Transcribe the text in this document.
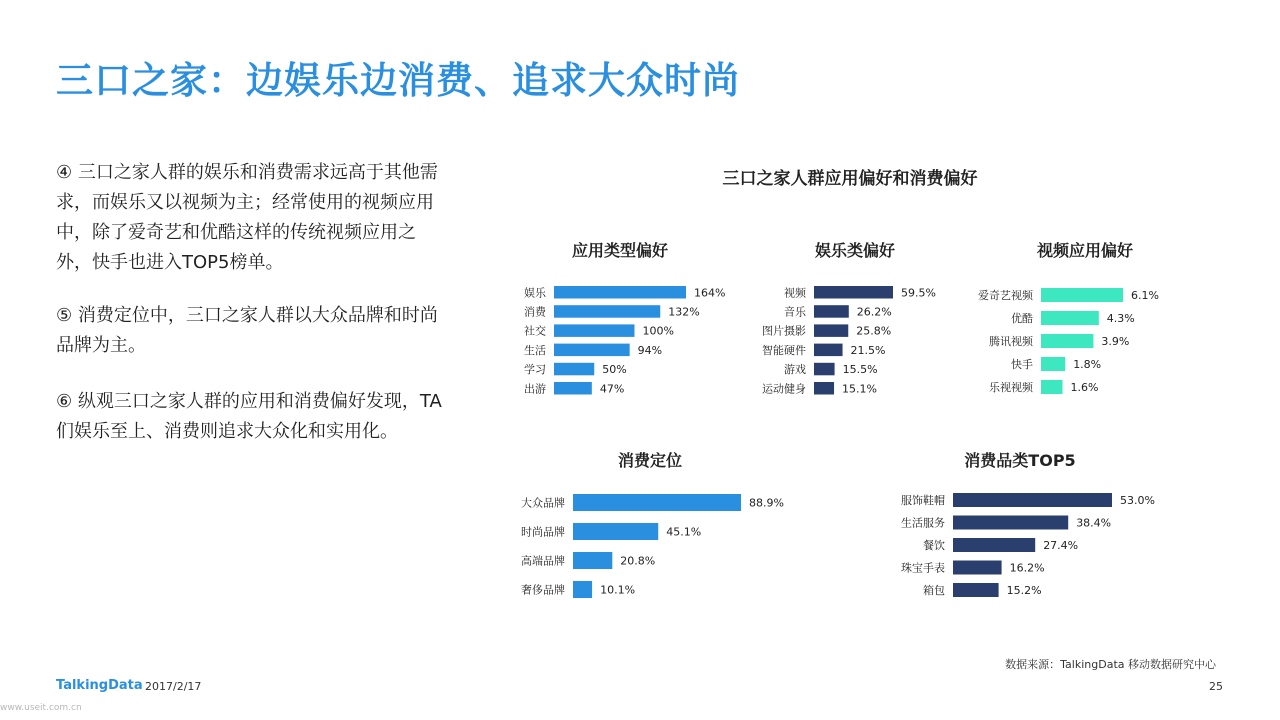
三口之家：边娱乐边消费、追求大众时尚
④ 三口之家人群的娱乐和消费需求远高于其他需求，而娱乐又以视频为主；经常使用的视频应用中，除了爱奇艺和优酷这样的传统视频应用之外，快手也进入TOP5榜单。
⑤ 消费定位中，三口之家人群以大众品牌和时尚品牌为主。
⑥ 纵观三口之家人群的应用和消费偏好发现，TA们娱乐至上、消费则追求大众化和实用化。
三口之家人群应用偏好和消费偏好
应用类型偏好
娱乐	164%
消费	132%
社交	100%
生活	94%
学习	50%
出游	47%
娱乐类偏好
视频	59.5%
音乐	26.2%
图片摄影	25.8%
智能硬件	21.5%
游戏	15.5%
运动健身	15.1%
视频应用偏好
爱奇艺视频	6.1%
优酷	4.3%
腾讯视频	3.9%
快手	1.8%
乐视视频	1.6%
消费定位
大众品牌	88.9%
时尚品牌	45.1%
高端品牌	20.8%
奢侈品牌	10.1%
消费品类TOP5
服饰鞋帽	53.0%
生活服务	38.4%
餐饮	27.4%
珠宝手表	16.2%
箱包	15.2%
数据来源：TalkingData 移动数据研究中心
TalkingData 2017/2/17	25
www.useit.com.cn
